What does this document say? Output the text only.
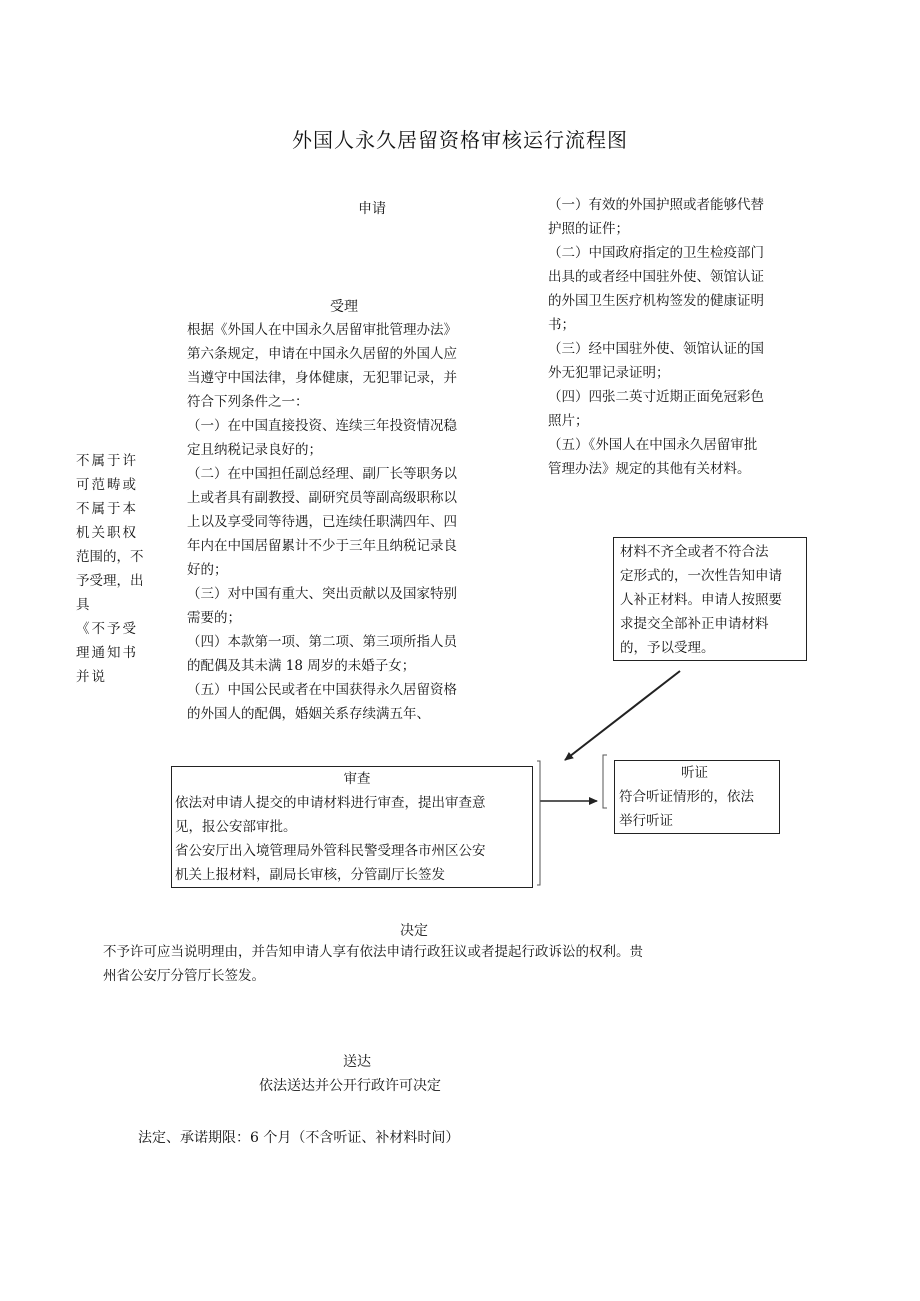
外国人永久居留资格审核运行流程图
申请	（一）有效的外国护照或者能够代替
护照的证件；
（二）中国政府指定的卫生检疫部门
出具的或者经中国驻外使、领馆认证
的外国卫生医疗机构签发的健康证明
书；
（三）经中国驻外使、领馆认证的国
外无犯罪记录证明；
（四）四张二英寸近期正面免冠彩色
照片；
（五）《外国人在中国永久居留审批
管理办法》规定的其他有关材料。
受理
根据《外国人在中国永久居留审批管理办法》
第六条规定，申请在中国永久居留的外国人应
当遵守中国法律，身体健康，无犯罪记录，并
符合下列条件之一：
（一）在中国直接投资、连续三年投资情况稳
定且纳税记录良好的；
（二）在中国担任副总经理、副厂长等职务以
上或者具有副教授、副研究员等副高级职称以
上以及享受同等待遇，已连续任职满四年、四
年内在中国居留累计不少于三年且纳税记录良
好的；
（三）对中国有重大、突出贡献以及国家特别
需要的；
（四）本款第一项、第二项、第三项所指人员
的配偶及其未满 18 周岁的未婚子女；
（五）中国公民或者在中国获得永久居留资格
的外国人的配偶，婚姻关系存续满五年、
不属于许
可范畴或
不属于本
机关职权
范围的，不
予受理，出
具
《不予受
理通知书
并说
材料不齐全或者不符合法
定形式的，一次性告知申请
人补正材料。申请人按照要
求提交全部补正申请材料
的，予以受理。
审查
依法对申请人提交的申请材料进行审查，提出审查意
见，报公安部审批。
省公安厅出入境管理局外管科民警受理各市州区公安
机关上报材料，副局长审核，分管副厅长签发
听证
符合听证情形的，依法
举行听证
决定
不予许可应当说明理由，并告知申请人享有依法申请行政狂议或者提起行政诉讼的权利。贵
州省公安厅分管厅长签发。
送达
依法送达并公开行政许可决定
法定、承诺期限：6 个月（不含听证、补材料时间）
